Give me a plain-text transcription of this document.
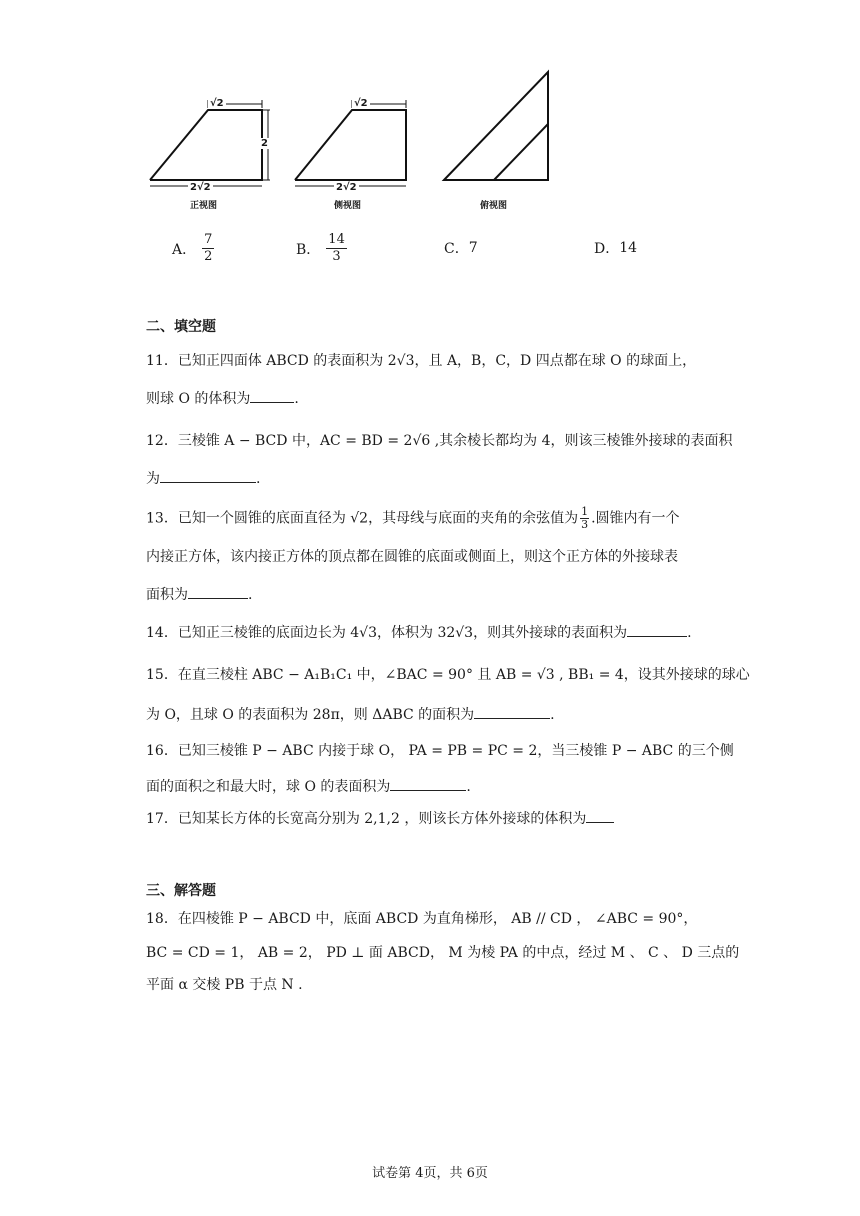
√2	√2
2
2√2	2√2
正视图	侧视图	俯视图
A． $\frac{7}{2}$	B． $\frac{14}{3}$	C． 7	D． 14
二、填空题
11．已知正四面体 ABCD 的表面积为 2√3，且 A，B，C，D 四点都在球 O 的球面上，
则球 O 的体积为	.
12．三棱锥 A − BCD 中，AC = BD = 2√6 ,其余棱长都均为 4，则该三棱锥外接球的表面积
为	.
13．已知一个圆锥的底面直径为 √2，其母线与底面的夹角的余弦值为 $\frac{1}{3}$ .圆锥内有一个
内接正方体，该内接正方体的顶点都在圆锥的底面或侧面上，则这个正方体的外接球表
面积为	.
14．已知正三棱锥的底面边长为 4√3，体积为 32√3，则其外接球的表面积为	.
15．在直三棱柱 ABC − A₁B₁C₁ 中，∠BAC = 90° 且 AB = √3 , BB₁ = 4，设其外接球的球心
为 O，且球 O 的表面积为 28π，则 ΔABC 的面积为	.
16．已知三棱锥 P − ABC 内接于球 O， PA = PB = PC = 2，当三棱锥 P − ABC 的三个侧
面的面积之和最大时，球 O 的表面积为	.
17．已知某长方体的长宽高分别为 2,1,2 ，则该长方体外接球的体积为
三、解答题
18．在四棱锥 P − ABCD 中，底面 ABCD 为直角梯形， AB // CD ， ∠ABC = 90°，
BC = CD = 1， AB = 2， PD ⊥ 面 ABCD， M 为棱 PA 的中点，经过 M 、 C 、 D 三点的
平面 α 交棱 PB 于点 N .
试卷第 4页，共 6页
